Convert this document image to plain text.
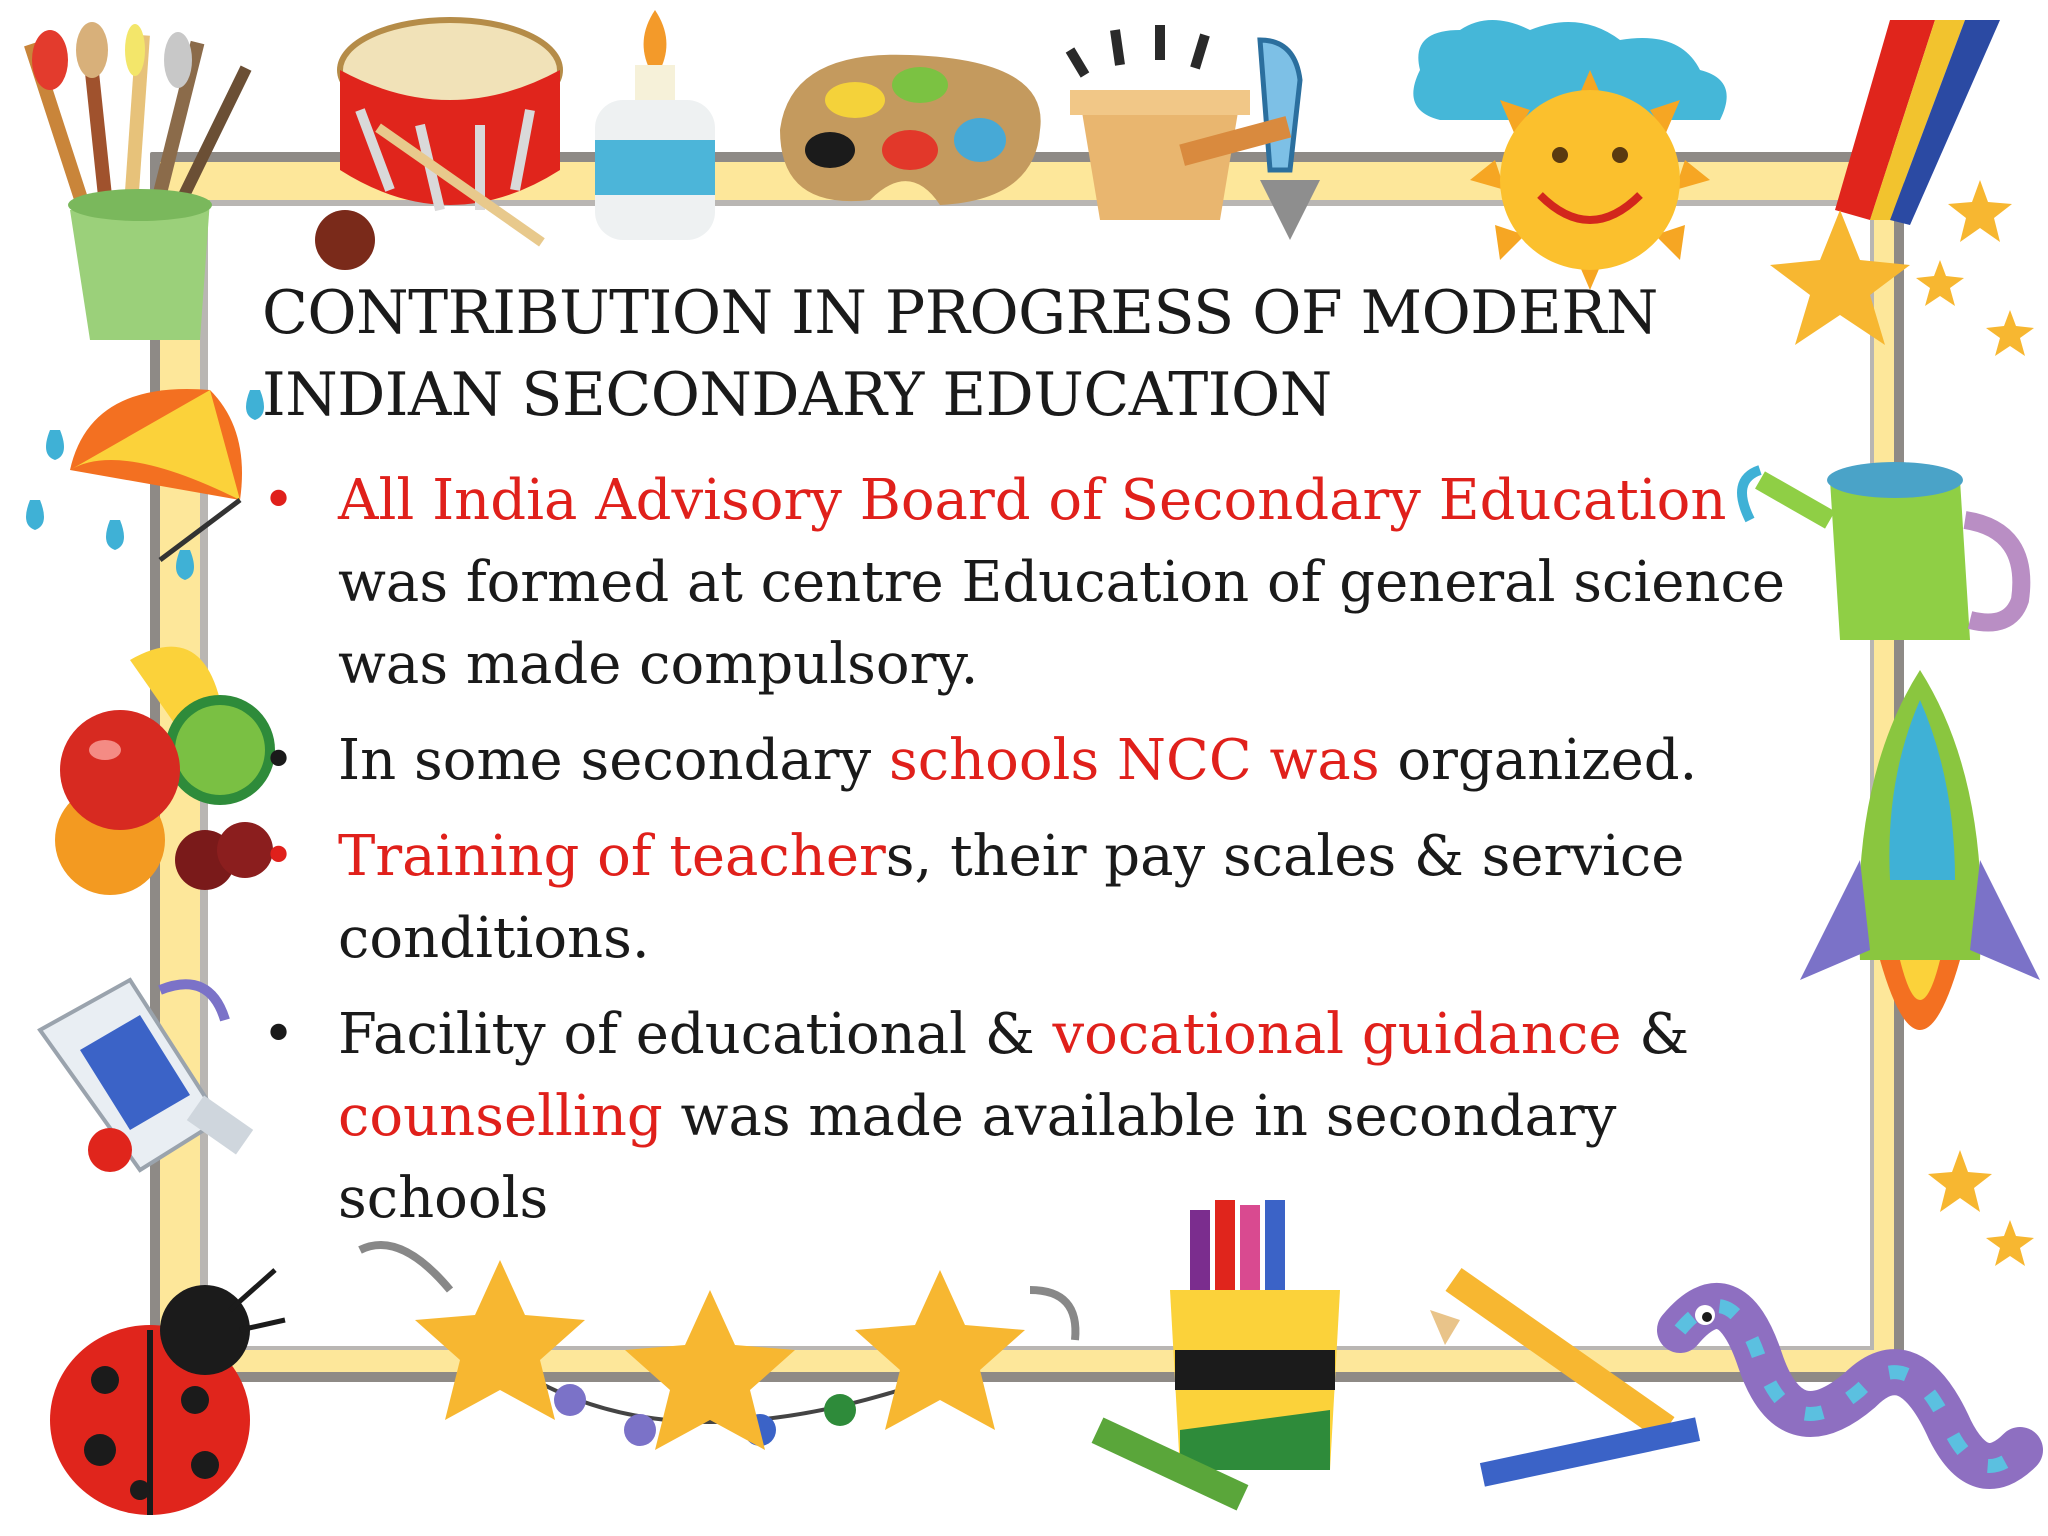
CONTRIBUTION IN PROGRESS OF MODERN
INDIAN SECONDARY EDUCATION
• All India Advisory Board of Secondary Education was formed at centre Education of general science was made compulsory.
• In some secondary schools NCC was organized.
• Training of teachers, their pay scales & service conditions.
• Facility of educational & vocational guidance & counselling was made available in secondary schools
